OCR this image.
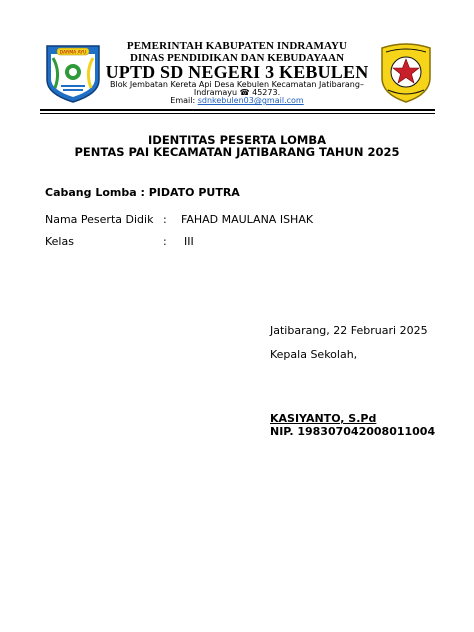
DARMA AYU
PEMERINTAH KABUPATEN INDRAMAYU
DINAS PENDIDIKAN DAN KEBUDAYAAN
UPTD SD NEGERI 3 KEBULEN
Blok Jembatan Kereta Api Desa Kebulen Kecamatan Jatibarang–
Indramayu ☎ 45273.
Email: sdnkebulen03@gmail.com
IDENTITAS PESERTA LOMBA
PENTAS PAI KECAMATAN JATIBARANG TAHUN 2025
Cabang Lomba : PIDATO PUTRA
Nama Peserta Didik : FAHAD MAULANA ISHAK
Kelas	: III
Jatibarang, 22 Februari 2025
Kepala Sekolah,
KASIYANTO, S.Pd
NIP. 198307042008011004
